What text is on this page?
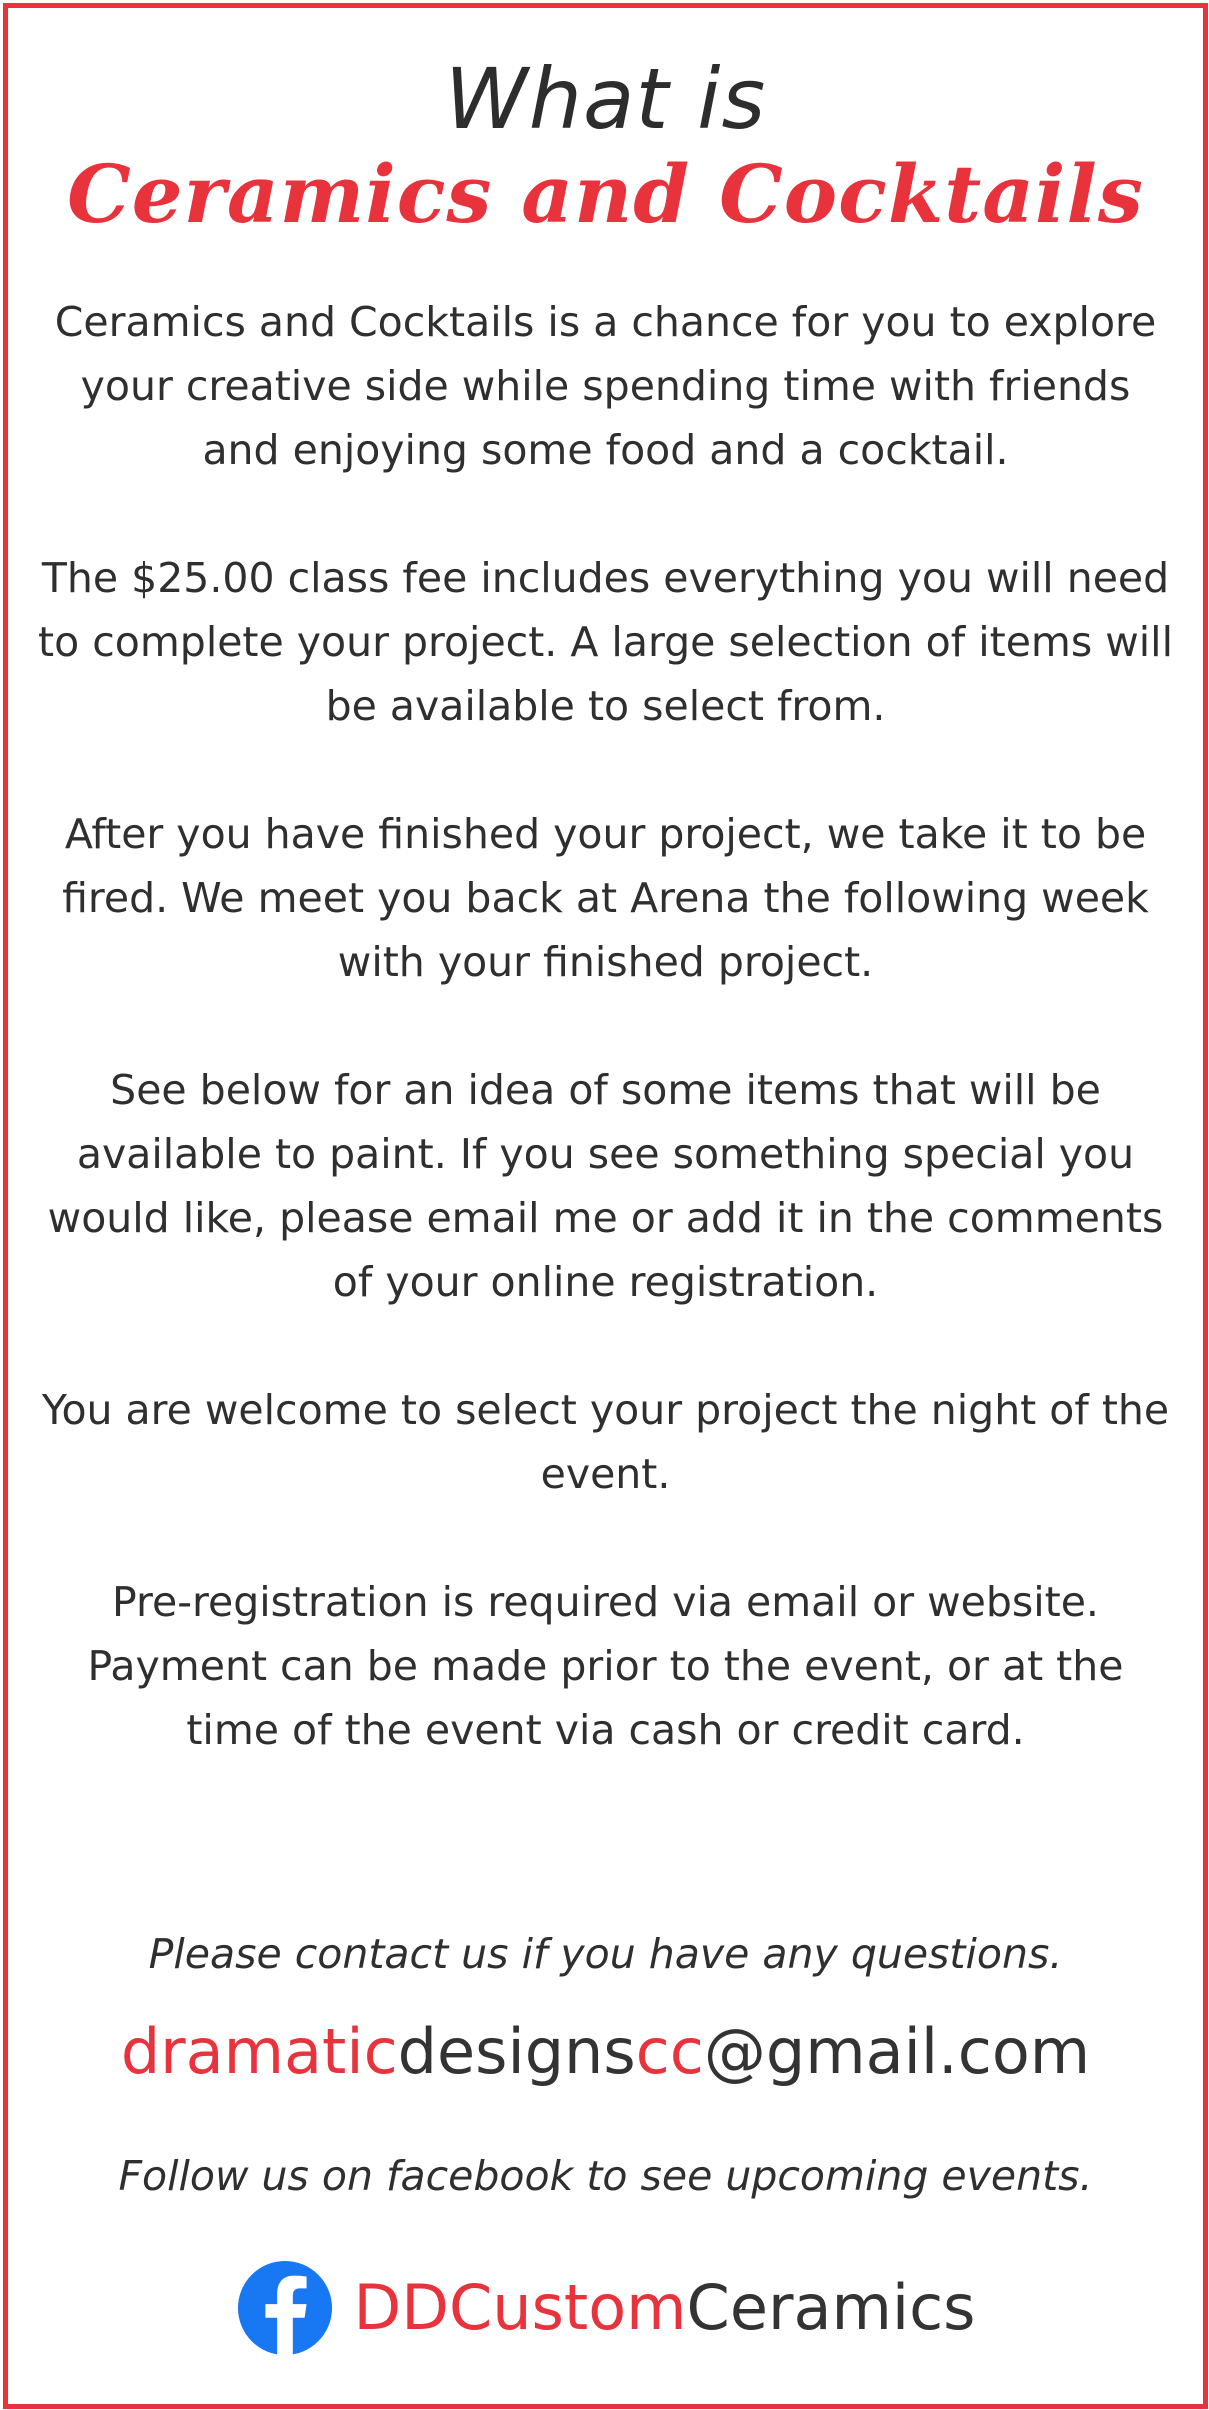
What is
Ceramics and Cocktails

Ceramics and Cocktails is a chance for you to explore your creative side while spending time with friends and enjoying some food and a cocktail.

The $25.00 class fee includes everything you will need to complete your project. A large selection of items will be available to select from.

After you have finished your project, we take it to be fired. We meet you back at Arena the following week with your finished project.

See below for an idea of some items that will be available to paint. If you see something special you would like, please email me or add it in the comments of your online registration.

You are welcome to select your project the night of the event.

Pre-registration is required via email or website. Payment can be made prior to the event, or at the time of the event via cash or credit card.

Please contact us if you have any questions.
dramaticdesignscc@gmail.com
Follow us on facebook to see upcoming events.
DDCustomCeramics
